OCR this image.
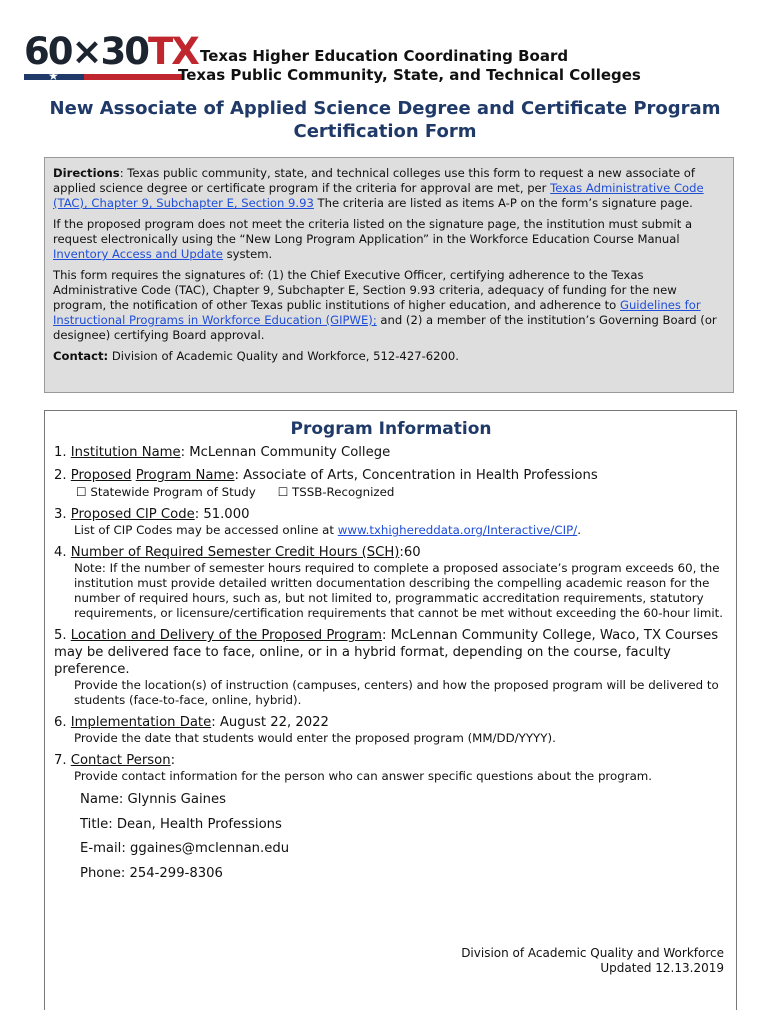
60×30TX
★
Texas Higher Education Coordinating Board
Texas Public Community, State, and Technical Colleges
New Associate of Applied Science Degree and Certificate Program
Certification Form

Directions: Texas public community, state, and technical colleges use this form to request a new associate of applied science degree or certificate program if the criteria for approval are met, per Texas Administrative Code (TAC), Chapter 9, Subchapter E, Section 9.93 The criteria are listed as items A-P on the form’s signature page.

If the proposed program does not meet the criteria listed on the signature page, the institution must submit a request electronically using the “New Long Program Application” in the Workforce Education Course Manual Inventory Access and Update system.

This form requires the signatures of: (1) the Chief Executive Officer, certifying adherence to the Texas Administrative Code (TAC), Chapter 9, Subchapter E, Section 9.93 criteria, adequacy of funding for the new program, the notification of other Texas public institutions of higher education, and adherence to Guidelines for Instructional Programs in Workforce Education (GIPWE); and (2) a member of the institution’s Governing Board (or designee) certifying Board approval.

Contact: Division of Academic Quality and Workforce, 512-427-6200.

Program Information
1. Institution Name: McLennan Community College
2. Proposed Program Name: Associate of Arts, Concentration in Health Professions
☐ Statewide Program of Study ☐ TSSB-Recognized
3. Proposed CIP Code: 51.000
List of CIP Codes may be accessed online at www.txhighereddata.org/Interactive/CIP/.
4. Number of Required Semester Credit Hours (SCH):60
Note: If the number of semester hours required to complete a proposed associate’s program exceeds 60, the institution must provide detailed written documentation describing the compelling academic reason for the number of required hours, such as, but not limited to, programmatic accreditation requirements, statutory requirements, or licensure/certification requirements that cannot be met without exceeding the 60-hour limit.
5. Location and Delivery of the Proposed Program: McLennan Community College, Waco, TX Courses may be delivered face to face, online, or in a hybrid format, depending on the course, faculty preference.
Provide the location(s) of instruction (campuses, centers) and how the proposed program will be delivered to students (face-to-face, online, hybrid).
6. Implementation Date: August 22, 2022
Provide the date that students would enter the proposed program (MM/DD/YYYY).
7. Contact Person:
Provide contact information for the person who can answer specific questions about the program.
Name: Glynnis Gaines
Title: Dean, Health Professions
E-mail: ggaines@mclennan.edu
Phone: 254-299-8306
Division of Academic Quality and Workforce
Updated 12.13.2019
